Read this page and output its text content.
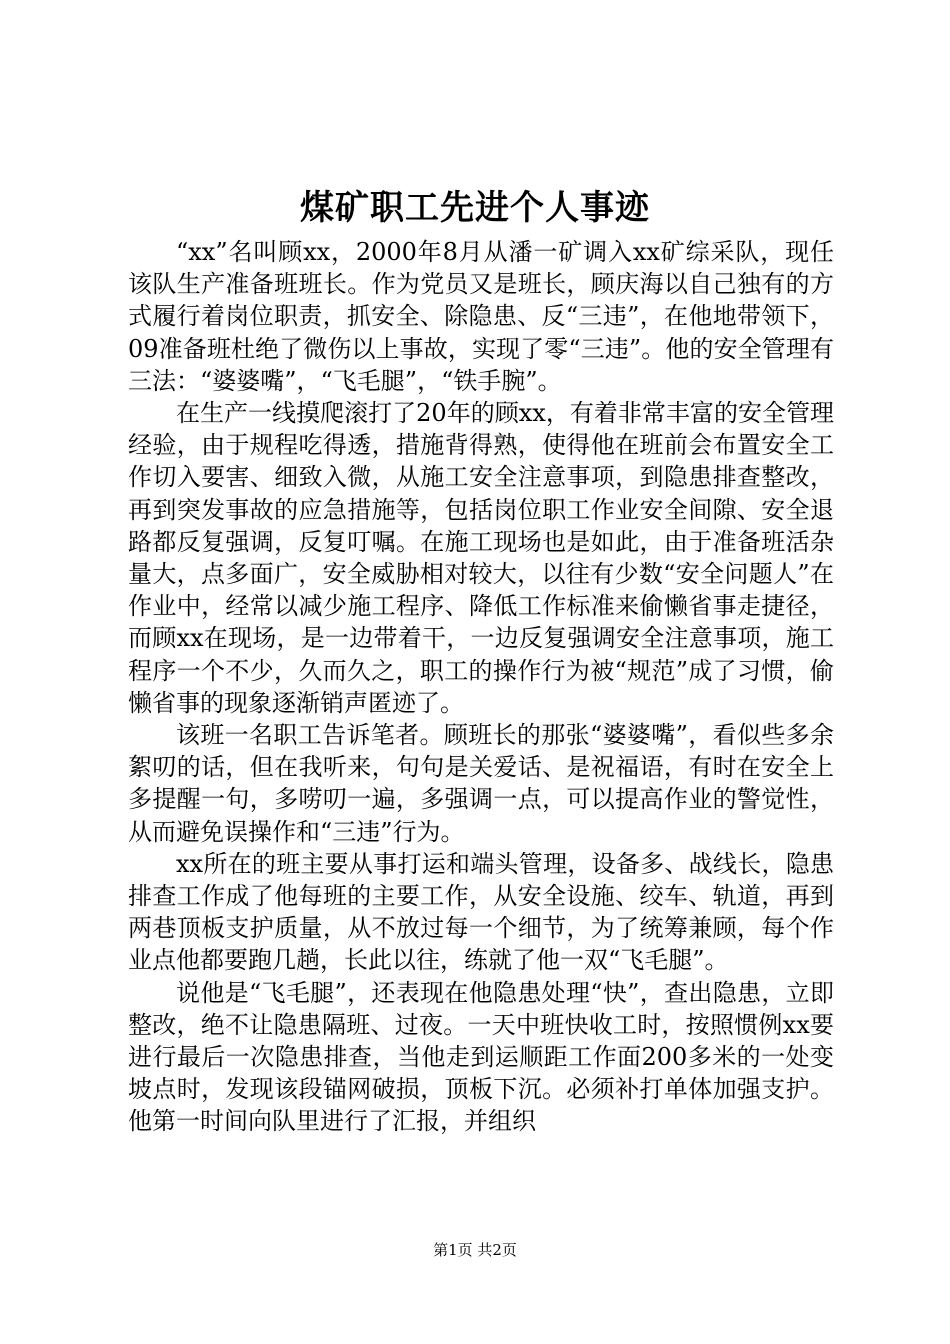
煤矿职工先进个人事迹

“xx”名叫顾xx，2000年8月从潘一矿调入xx矿综采队，现任该队生产准备班班长。作为党员又是班长，顾庆海以自己独有的方式履行着岗位职责，抓安全、除隐患、反“三违”，在他地带领下，09准备班杜绝了微伤以上事故，实现了零“三违”。他的安全管理有三法：“婆婆嘴”，“飞毛腿”，“铁手腕”。

在生产一线摸爬滚打了20年的顾xx，有着非常丰富的安全管理经验，由于规程吃得透，措施背得熟，使得他在班前会布置安全工作切入要害、细致入微，从施工安全注意事项，到隐患排查整改，再到突发事故的应急措施等，包括岗位职工作业安全间隙、安全退路都反复强调，反复叮嘱。在施工现场也是如此，由于准备班活杂量大，点多面广，安全威胁相对较大，以往有少数“安全问题人”在作业中，经常以减少施工程序、降低工作标准来偷懒省事走捷径，而顾xx在现场，是一边带着干，一边反复强调安全注意事项，施工程序一个不少，久而久之，职工的操作行为被“规范”成了习惯，偷懒省事的现象逐渐销声匿迹了。

该班一名职工告诉笔者。顾班长的那张“婆婆嘴”，看似些多余絮叨的话，但在我听来，句句是关爱话、是祝福语，有时在安全上多提醒一句，多唠叨一遍，多强调一点，可以提高作业的警觉性，从而避免误操作和“三违”行为。

xx所在的班主要从事打运和端头管理，设备多、战线长，隐患排查工作成了他每班的主要工作，从安全设施、绞车、轨道，再到两巷顶板支护质量，从不放过每一个细节，为了统筹兼顾，每个作业点他都要跑几趟，长此以往，练就了他一双“飞毛腿”。

说他是“飞毛腿”，还表现在他隐患处理“快”，查出隐患，立即整改，绝不让隐患隔班、过夜。一天中班快收工时，按照惯例xx要进行最后一次隐患排查，当他走到运顺距工作面200多米的一处变坡点时，发现该段锚网破损，顶板下沉。必须补打单体加强支护。他第一时间向队里进行了汇报，并组织

第1页 共2页
